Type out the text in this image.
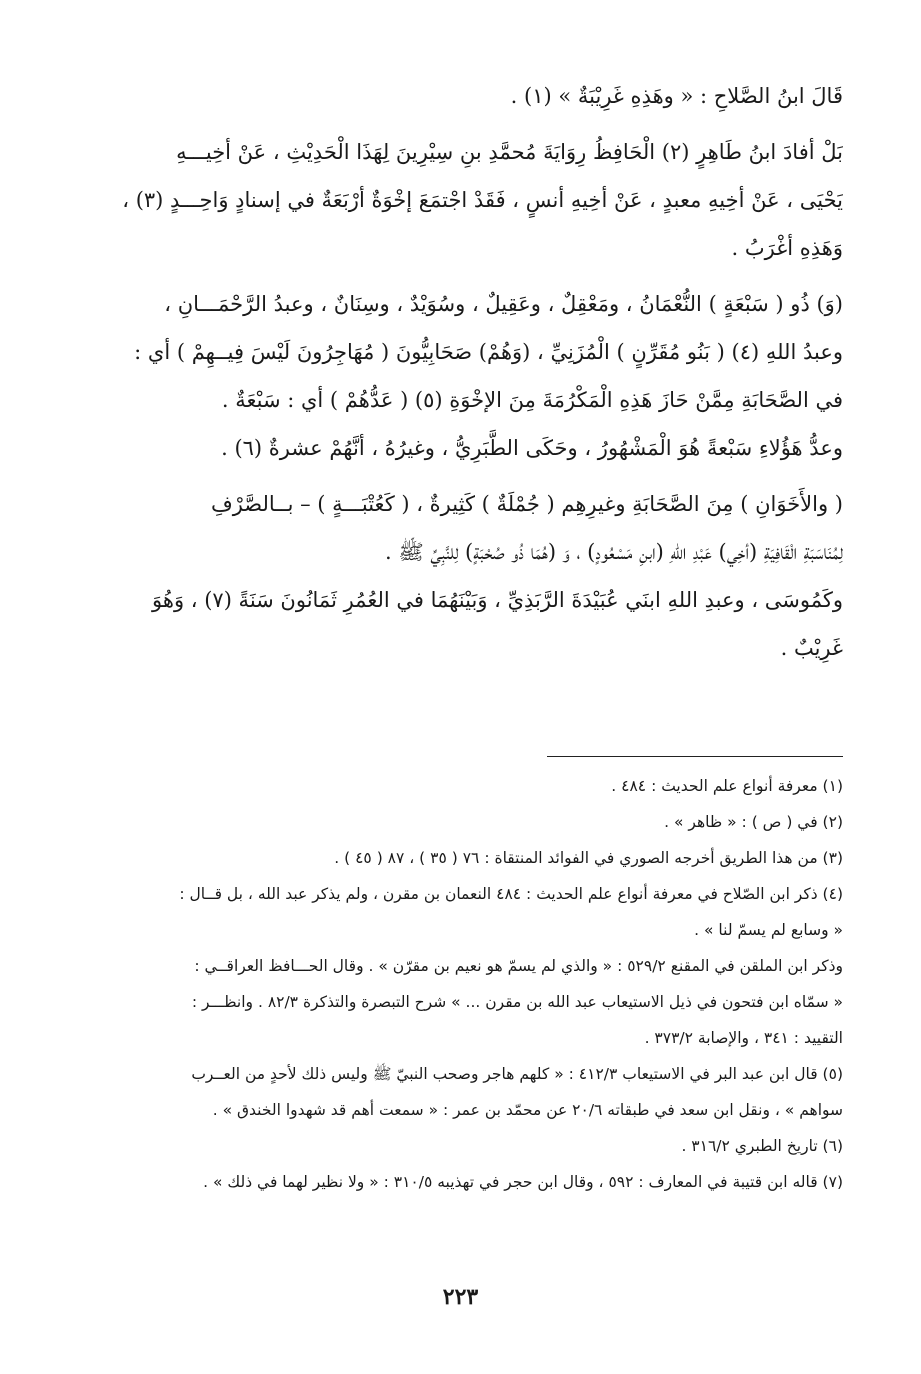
قَالَ ابنُ الصَّلاحِ : « وهَذِهِ غَرِيْبَةٌ » (١) .

بَلْ أفادَ ابنُ طَاهِرٍ (٢) الْحَافِظُ رِوَايَةَ مُحمَّدِ بنِ سِيْرِينَ لِهَذَا الْحَدِيْثِ ، عَنْ أخِيـــهِ
يَحْيَى ، عَنْ أخِيهِ معبدٍ ، عَنْ أخِيهِ أنسٍ ، فَقَدْ اجْتمَعَ إخْوَةٌ أرْبَعَةٌ في إسنادٍ وَاحِـــدٍ (٣) ،
وَهَذِهِ أغْرَبُ .

(وَ) ذُو ( سَبْعَةٍ ) النُّعْمَانُ ، ومَعْقِلٌ ، وعَقِيلٌ ، وسُوَيْدٌ ، وسِنَانٌ ، وعبدُ الرَّحْمَـــانِ ،
وعبدُ اللهِ (٤) ( بَنُو مُقَرِّنٍ ) الْمُزَنِيِّ ، (وَهُمْ) صَحَابِيُّونَ ( مُهَاجِرُونَ لَيْسَ فِيــهِمْ ) أي :
في الصَّحَابَةِ مِمَّنْ حَازَ هَذِهِ الْمَكْرُمَةَ مِنَ الإخْوَةِ (٥) ( عَدُّهُمْ ) أي : سَبْعَةٌ .

وعدُّ هَؤُلاءِ سَبْعةً هُوَ الْمَشْهُورُ ، وحَكَى الطَّبَرِيُّ ، وغيرُهُ ، أنَّهُمْ عشرةٌ (٦) .

( والأَخَوَانِ ) مِنَ الصَّحَابَةِ وغيرِهِم ( جُمْلَةٌ ) كَثِيرةٌ ، ( كَعُتْبَـــةٍ ) – بــالصَّرْفِ
لِمُنَاسَبَةِ الْقَافِيَةِ (أخِي) عَبْدِ اللهِ (ابنِ مَسْعُودٍ) ، وَ (هُمَا ذُو صُحْبَةٍ) لِلنَّبِيِّ ﷺ .

وكَمُوسَى ، وعبدِ اللهِ ابنَي عُبَيْدَةَ الرَّبَذِيِّ ، وَبَيْنَهُمَا في العُمُرِ ثَمَانُونَ سَنَةً (٧) ، وَهُوَ
غَرِيْبٌ .

(١) معرفة أنواع علم الحديث : ٤٨٤ .
(٢) في ( ص ) : « ظاهر » .
(٣) من هذا الطريق أخرجه الصوري في الفوائد المنتقاة : ٧٦ ( ٣٥ ) ، ٨٧ ( ٤٥ ) .
(٤) ذكر ابن الصّلاح في معرفة أنواع علم الحديث : ٤٨٤ النعمان بن مقرن ، ولم يذكر عبد الله ، بل قــال :
« وسابع لم يسمّ لنا » .
وذكر ابن الملقن في المقنع ٥٢٩/٢ : « والذي لم يسمّ هو نعيم بن مقرّن » . وقال الحـــافظ العراقــي :
« سمّاه ابن فتحون في ذيل الاستيعاب عبد الله بن مقرن ... » شرح التبصرة والتذكرة ٨٢/٣ . وانظـــر :
التقييد : ٣٤١ ، والإصابة ٣٧٣/٢ .
(٥) قال ابن عبد البر في الاستيعاب ٤١٢/٣ : « كلهم هاجر وصحب النبيّ ﷺ وليس ذلك لأحدٍ من العــرب
سواهم » ، ونقل ابن سعد في طبقاته ٢٠/٦ عن محمّد بن عمر : « سمعت أهم قد شهدوا الخندق » .
(٦) تاريخ الطبري ٣١٦/٢ .
(٧) قاله ابن قتيبة في المعارف : ٥٩٢ ، وقال ابن حجر في تهذيبه ٣١٠/٥ : « ولا نظير لهما في ذلك » .
٢٢٣
